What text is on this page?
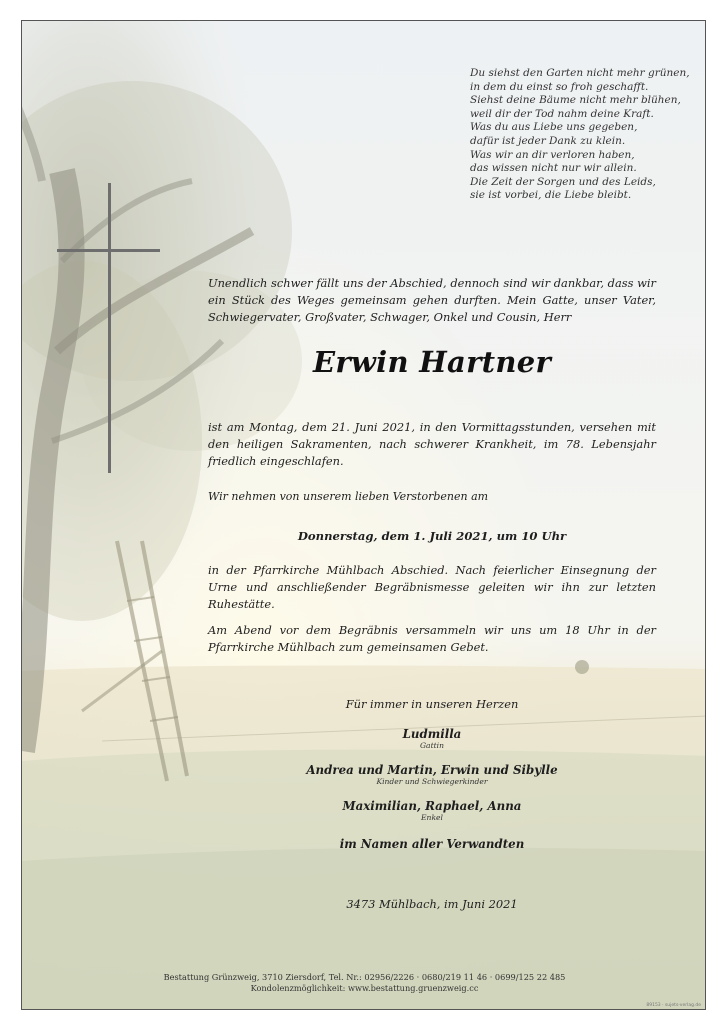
Du siehst den Garten nicht mehr grünen,
in dem du einst so froh geschafft.
Siehst deine Bäume nicht mehr blühen,
weil dir der Tod nahm deine Kraft.
Was du aus Liebe uns gegeben,
dafür ist jeder Dank zu klein.
Was wir an dir verloren haben,
das wissen nicht nur wir allein.
Die Zeit der Sorgen und des Leids,
sie ist vorbei, die Liebe bleibt.
Unendlich schwer fällt uns der Abschied, dennoch sind wir dankbar, dass wir ein Stück des Weges gemeinsam gehen durften. Mein Gatte, unser Vater, Schwiegervater, Großvater, Schwager, Onkel und Cousin, Herr
Erwin Hartner
ist am Montag, dem 21. Juni 2021, in den Vormittagsstunden, versehen mit den heiligen Sakramenten, nach schwerer Krankheit, im 78. Lebensjahr friedlich eingeschlafen.
Wir nehmen von unserem lieben Verstorbenen am
Donnerstag, dem 1. Juli 2021, um 10 Uhr
in der Pfarrkirche Mühlbach Abschied. Nach feierlicher Einsegnung der Urne und anschließender Begräbnismesse geleiten wir ihn zur letzten Ruhestätte.
Am Abend vor dem Begräbnis versammeln wir uns um 18 Uhr in der Pfarrkirche Mühlbach zum gemeinsamen Gebet.
Für immer in unseren Herzen
Ludmilla
Gattin
Andrea und Martin, Erwin und Sibylle
Kinder und Schwiegerkinder
Maximilian, Raphael, Anna
Enkel
im Namen aller Verwandten
3473 Mühlbach, im Juni 2021
Bestattung Grünzweig, 3710 Ziersdorf, Tel. Nr.: 02956/2226 · 0680/219 11 46 · 0699/125 22 485
Kondolenzmöglichkeit: www.bestattung.gruenzweig.cc
89153 · sujets-verlag.de
